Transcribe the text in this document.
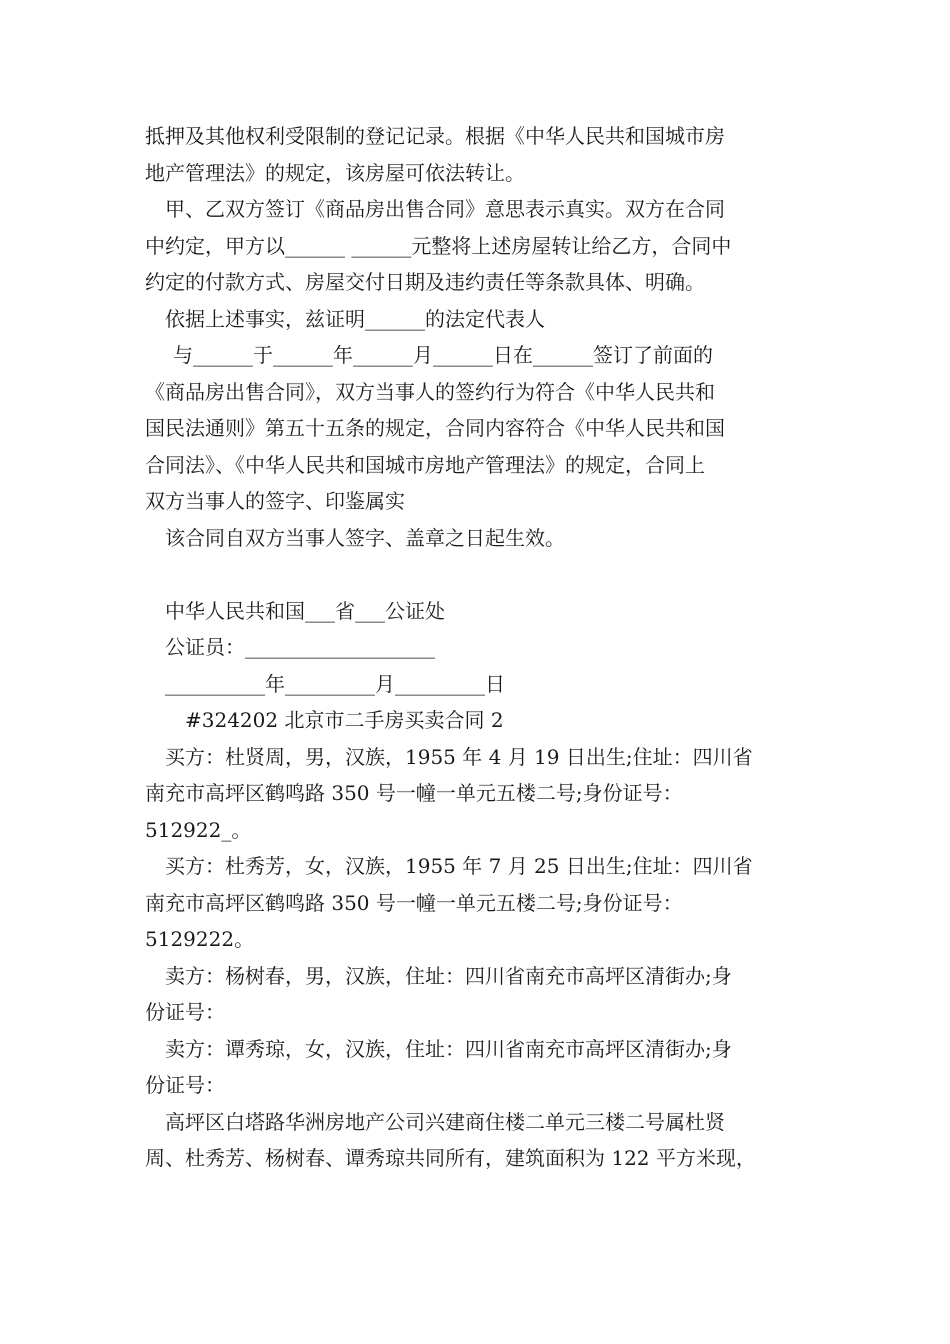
抵押及其他权利受限制的登记记录。根据《中华人民共和国城市房
地产管理法》的规定，该房屋可依法转让。
甲、乙双方签订《商品房出售合同》意思表示真实。双方在合同
中约定，甲方以______ ______元整将上述房屋转让给乙方，合同中
约定的付款方式、房屋交付日期及违约责任等条款具体、明确。
依据上述事实，兹证明______的法定代表人
与______于______年______月______日在______签订了前面的
《商品房出售合同》，双方当事人的签约行为符合《中华人民共和
国民法通则》第五十五条的规定，合同内容符合《中华人民共和国
合同法》、《中华人民共和国城市房地产管理法》的规定，合同上
双方当事人的签字、印鉴属实
该合同自双方当事人签字、盖章之日起生效。
中华人民共和国___省___公证处
公证员：___________________
__________年_________月_________日
#324202 北京市二手房买卖合同 2
买方：杜贤周，男，汉族，1955 年 4 月 19 日出生;住址：四川省
南充市高坪区鹤鸣路 350 号一幢一单元五楼二号;身份证号：
512922_。
买方：杜秀芳，女，汉族，1955 年 7 月 25 日出生;住址：四川省
南充市高坪区鹤鸣路 350 号一幢一单元五楼二号;身份证号：
5129222。
卖方：杨树春，男，汉族，住址：四川省南充市高坪区清街办;身
份证号：
卖方：谭秀琼，女，汉族，住址：四川省南充市高坪区清街办;身
份证号：
高坪区白塔路华洲房地产公司兴建商住楼二单元三楼二号属杜贤
周、杜秀芳、杨树春、谭秀琼共同所有，建筑面积为 122 平方米现，
